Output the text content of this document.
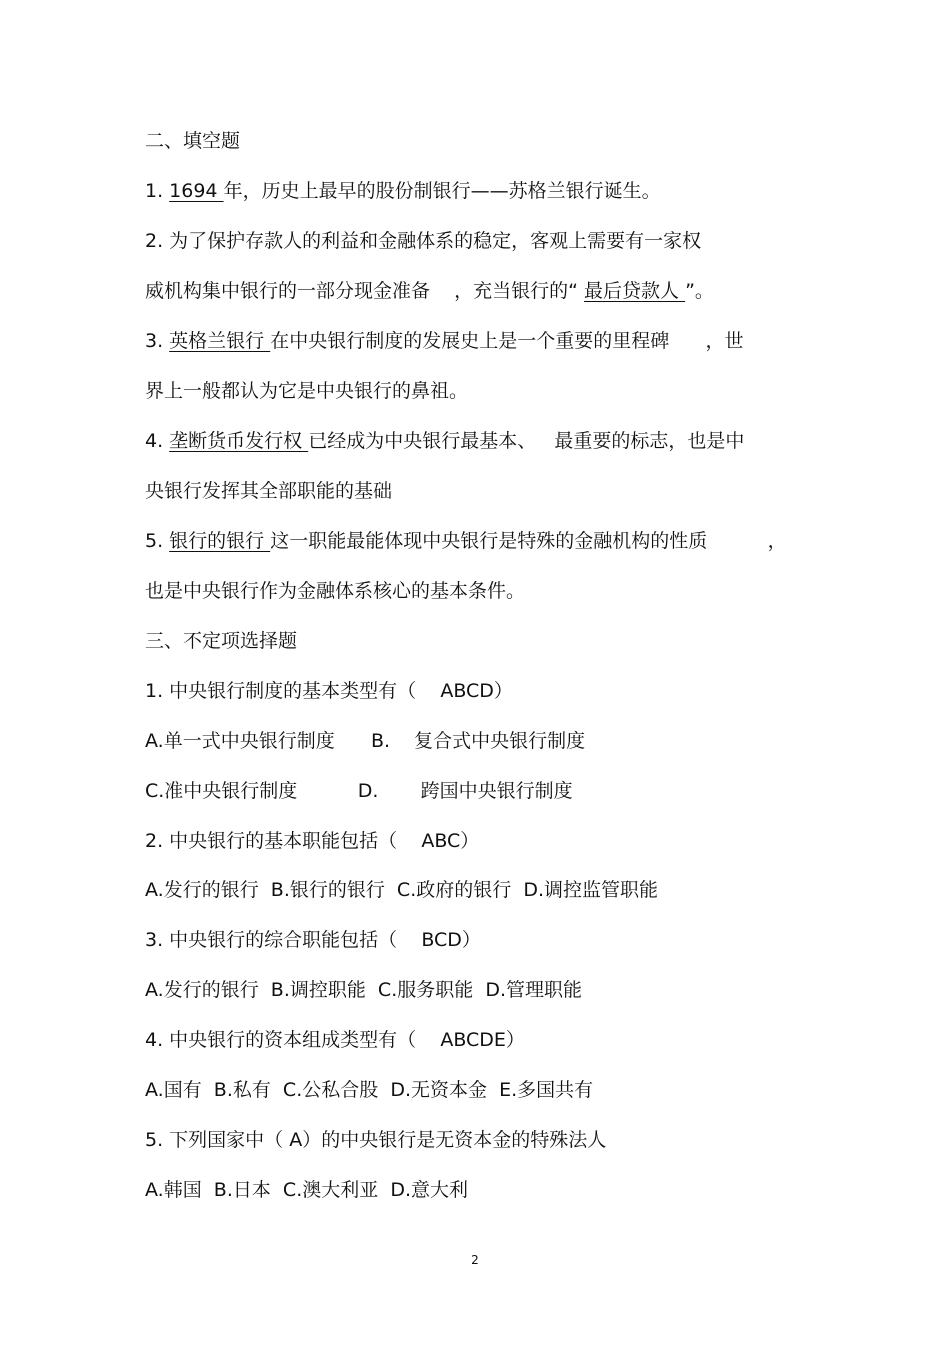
二、填空题
1. 1694 年，历史上最早的股份制银行——苏格兰银行诞生。
2. 为了保护存款人的利益和金融体系的稳定，客观上需要有一家权
威机构集中银行的一部分现金准备    ，充当银行的“ 最后贷款人 ”。
3. 英格兰银行 在中央银行制度的发展史上是一个重要的里程碑      ，世
界上一般都认为它是中央银行的鼻祖。
4. 垄断货币发行权 已经成为中央银行最基本、   最重要的标志，也是中
央银行发挥其全部职能的基础
5. 银行的银行 这一职能最能体现中央银行是特殊的金融机构的性质          ，
也是中央银行作为金融体系核心的基本条件。
三、不定项选择题
1. 中央银行制度的基本类型有（    ABCD）
A.单一式中央银行制度      B.    复合式中央银行制度
C.准中央银行制度          D.       跨国中央银行制度
2. 中央银行的基本职能包括（    ABC）
A.发行的银行  B.银行的银行  C.政府的银行  D.调控监管职能
3. 中央银行的综合职能包括（    BCD）
A.发行的银行  B.调控职能  C.服务职能  D.管理职能
4. 中央银行的资本组成类型有（    ABCDE）
A.国有  B.私有  C.公私合股  D.无资本金  E.多国共有
5. 下列国家中（ A）的中央银行是无资本金的特殊法人
A.韩国  B.日本  C.澳大利亚  D.意大利
2
